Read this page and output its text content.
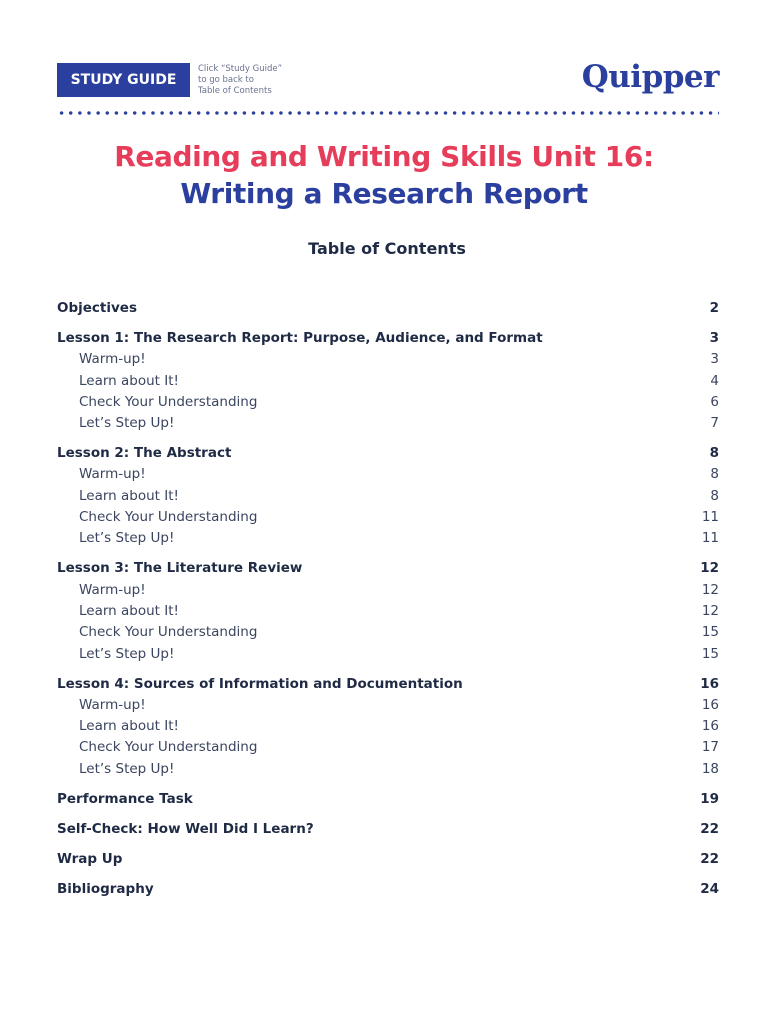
STUDY GUIDE
Click “Study Guide”
to go back to
Table of Contents	Quipper
Reading and Writing Skills Unit 16:
Writing a Research Report
Table of Contents
Objectives	2
Lesson 1: The Research Report: Purpose, Audience, and Format	3
Warm-up!	3
Learn about It!	4
Check Your Understanding	6
Let’s Step Up!	7
Lesson 2: The Abstract	8
Warm-up!	8
Learn about It!	8
Check Your Understanding	11
Let’s Step Up!	11
Lesson 3: The Literature Review	12
Warm-up!	12
Learn about It!	12
Check Your Understanding	15
Let’s Step Up!	15
Lesson 4: Sources of Information and Documentation	16
Warm-up!	16
Learn about It!	16
Check Your Understanding	17
Let’s Step Up!	18
Performance Task	19
Self-Check: How Well Did I Learn?	22
Wrap Up	22
Bibliography	24
